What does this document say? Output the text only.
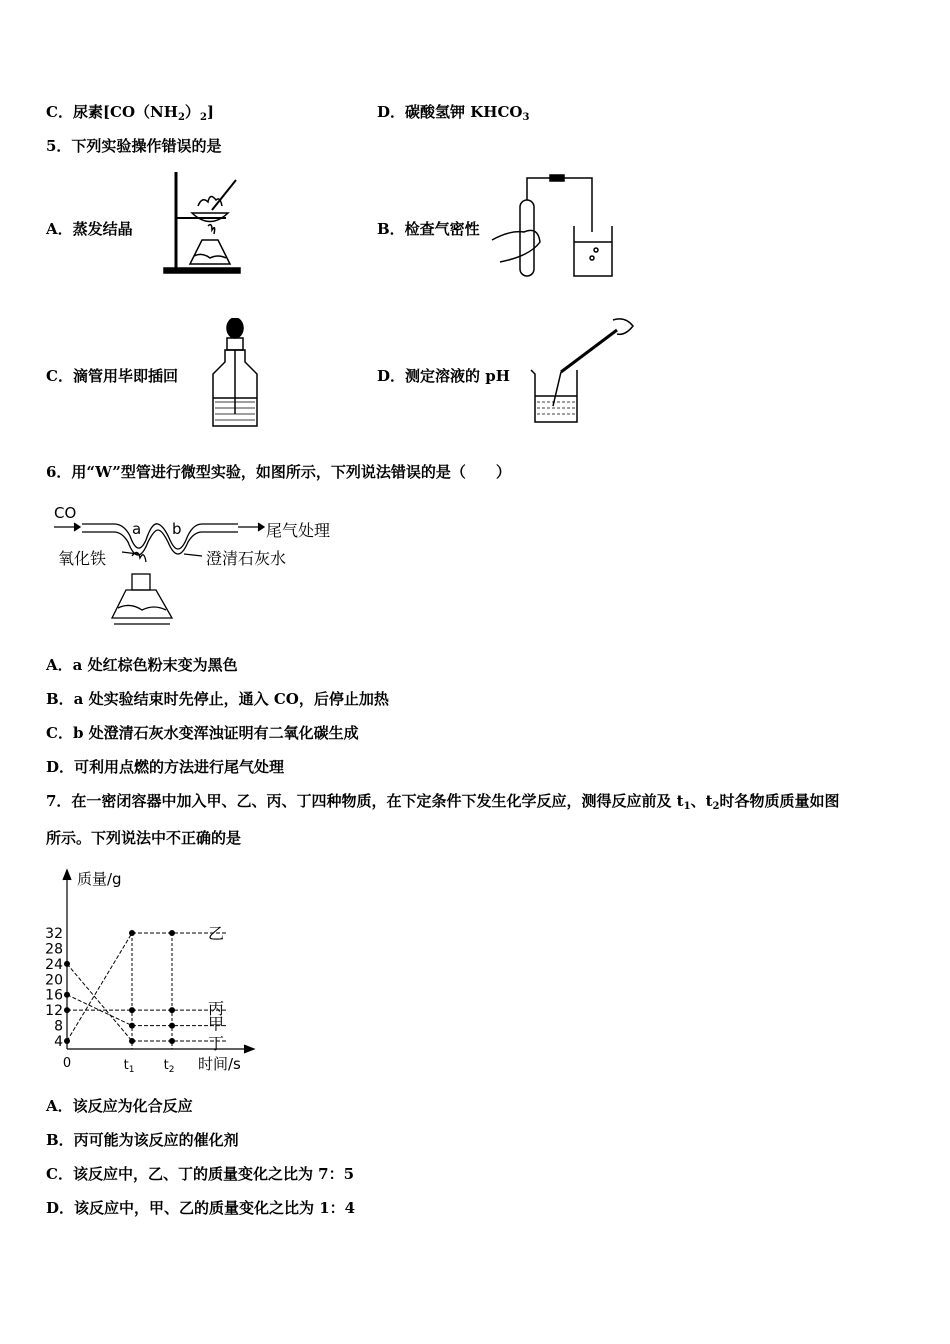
C．尿素$[CO(NH_2)_2]$	D．碳酸氢钾 $KHCO_3$
5．下列实验操作错误的是
A．蒸发结晶	B．检查气密性
C．滴管用毕即插回	D．测定溶液的 pH
6．用“W”型管进行微型实验，如图所示，下列说法错误的是（　　）
CO
a b	尾气处理
氧化铁	澄清石灰水
A．a 处红棕色粉末变为黑色
B．a 处实验结束时先停止，通入 CO，后停止加热
C．b 处澄清石灰水变浑浊证明有二氧化碳生成
D．可利用点燃的方法进行尾气处理
7．在一密闭容器中加入甲、乙、丙、丁四种物质，在下定条件下发生化学反应，测得反应前及 $t_1$、$t_2$时各物质质量如图
所示。下列说法中不正确的是
4
8
12
16
20
24
28
32
0	$t_1$ $t_2$
质量/g
时间/s
乙
丙
甲
丁
A．该反应为化合反应
B．丙可能为该反应的催化剂
C．该反应中，乙、丁的质量变化之比为 7：5
D．该反应中，甲、乙的质量变化之比为 1：4
